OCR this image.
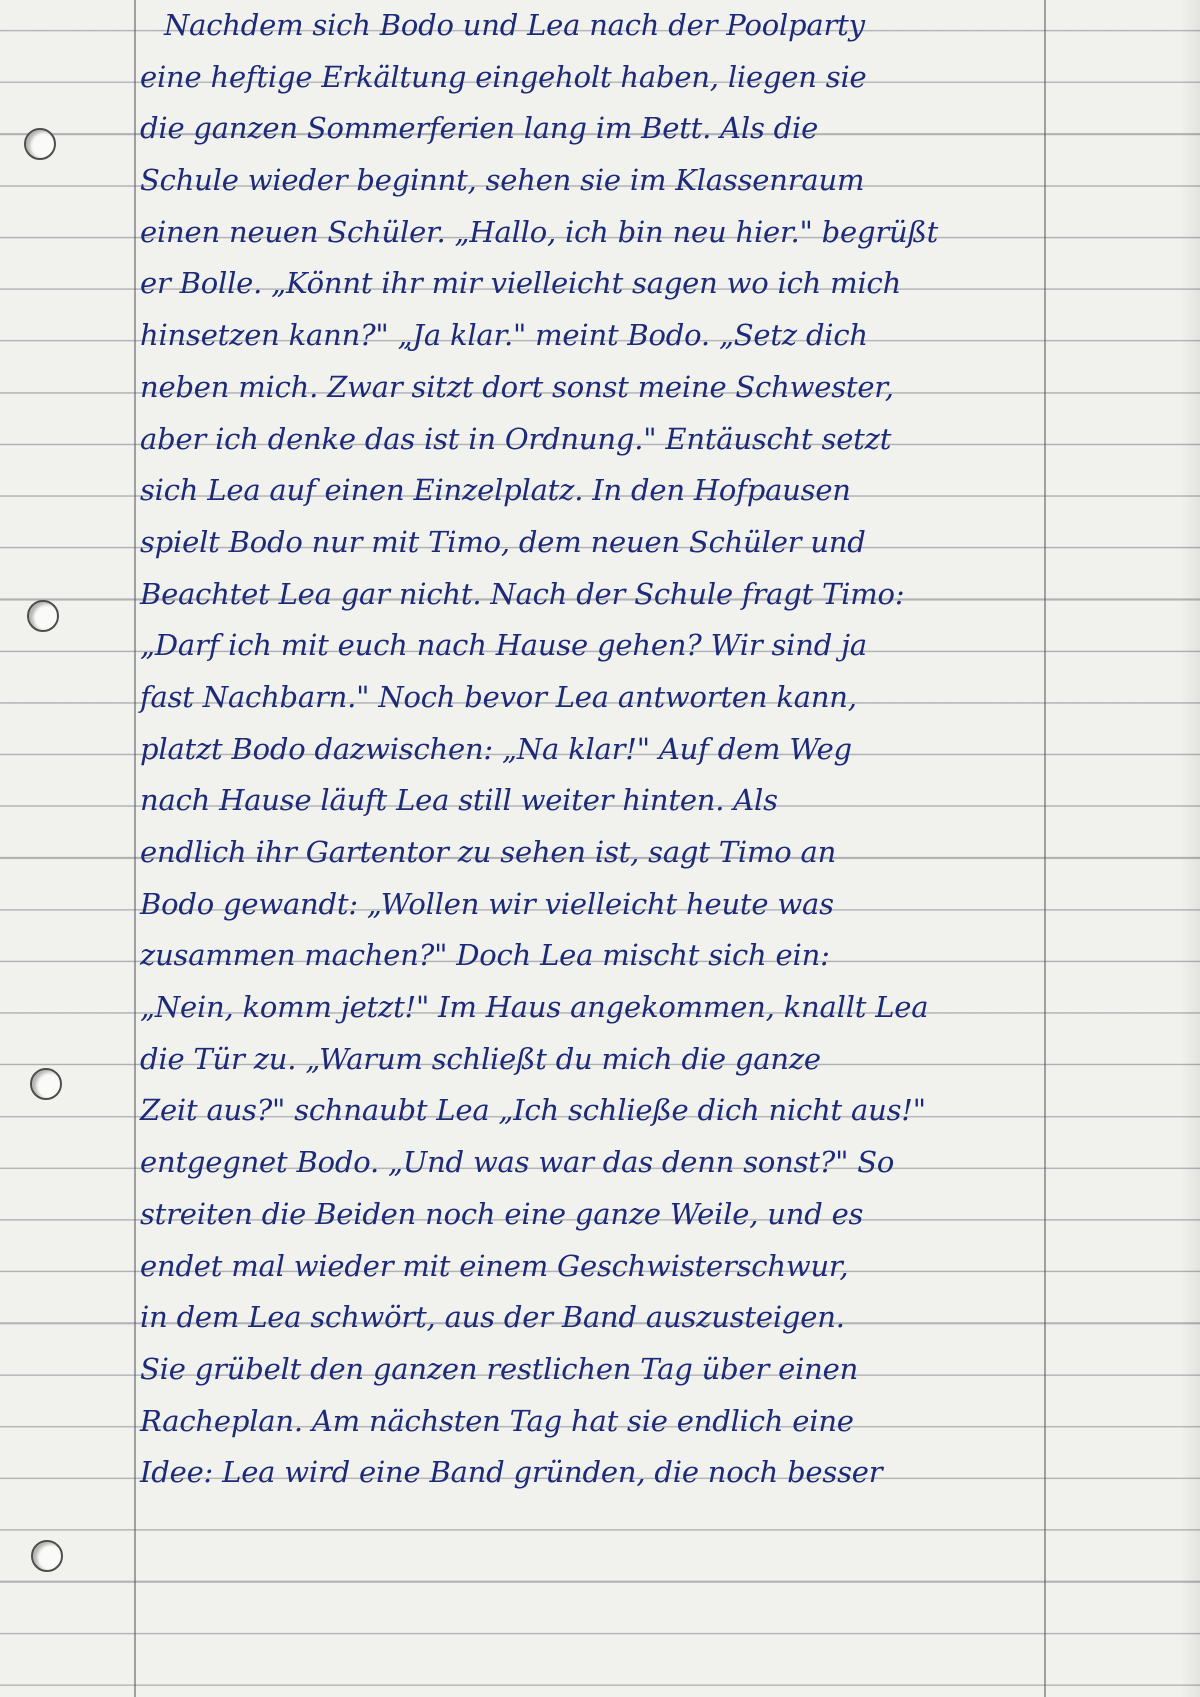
Nachdem sich Bodo und Lea nach der Poolparty
eine heftige Erkältung eingeholt haben, liegen sie
die ganzen Sommerferien lang im Bett. Als die
Schule wieder beginnt, sehen sie im Klassenraum
einen neuen Schüler. „Hallo, ich bin neu hier." begrüßt
er Bolle. „Könnt ihr mir vielleicht sagen wo ich mich
hinsetzen kann?" „Ja klar." meint Bodo. „Setz dich
neben mich. Zwar sitzt dort sonst meine Schwester,
aber ich denke das ist in Ordnung." Entäuscht setzt
sich Lea auf einen Einzelplatz. In den Hofpausen
spielt Bodo nur mit Timo, dem neuen Schüler und
Beachtet Lea gar nicht. Nach der Schule fragt Timo:
„Darf ich mit euch nach Hause gehen? Wir sind ja
fast Nachbarn." Noch bevor Lea antworten kann,
platzt Bodo dazwischen: „Na klar!" Auf dem Weg
nach Hause läuft Lea still weiter hinten. Als
endlich ihr Gartentor zu sehen ist, sagt Timo an
Bodo gewandt: „Wollen wir vielleicht heute was
zusammen machen?" Doch Lea mischt sich ein:
„Nein, komm jetzt!" Im Haus angekommen, knallt Lea
die Tür zu. „Warum schließt du mich die ganze
Zeit aus?" schnaubt Lea „Ich schließe dich nicht aus!"
entgegnet Bodo. „Und was war das denn sonst?" So
streiten die Beiden noch eine ganze Weile, und es
endet mal wieder mit einem Geschwisterschwur,
in dem Lea schwört, aus der Band auszusteigen.
Sie grübelt den ganzen restlichen Tag über einen
Racheplan. Am nächsten Tag hat sie endlich eine
Idee: Lea wird eine Band gründen, die noch besser
